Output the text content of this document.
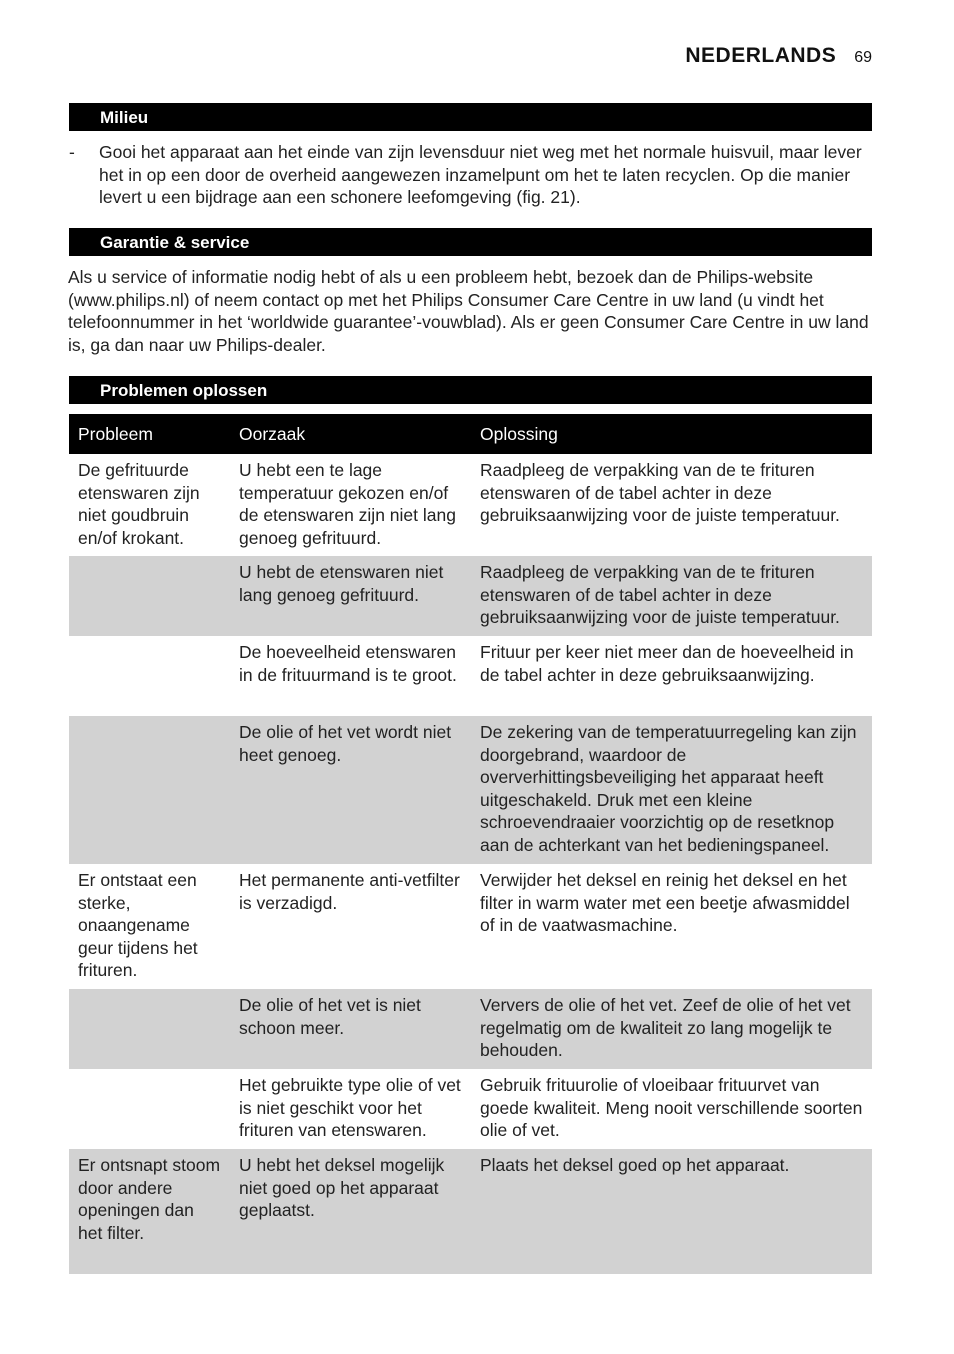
NEDERLANDS 69
Milieu
- Gooi het apparaat aan het einde van zijn levensduur niet weg met het normale huisvuil, maar lever het in op een door de overheid aangewezen inzamelpunt om het te laten recyclen. Op die manier levert u een bijdrage aan een schonere leefomgeving (fig. 21).
Garantie & service
Als u service of informatie nodig hebt of als u een probleem hebt, bezoek dan de Philips-website (www.philips.nl) of neem contact op met het Philips Consumer Care Centre in uw land (u vindt het telefoonnummer in het ‘worldwide guarantee’-vouwblad). Als er geen Consumer Care Centre in uw land is, ga dan naar uw Philips-dealer.
Problemen oplossen
Probleem	Oorzaak	Oplossing
De gefrituurde etenswaren zijn niet goudbruin en/of krokant.	U hebt een te lage temperatuur gekozen en/of de etenswaren zijn niet lang genoeg gefrituurd.	Raadpleeg de verpakking van de te frituren etenswaren of de tabel achter in deze gebruiksaanwijzing voor de juiste temperatuur.
	U hebt de etenswaren niet lang genoeg gefrituurd.	Raadpleeg de verpakking van de te frituren etenswaren of de tabel achter in deze gebruiksaanwijzing voor de juiste temperatuur.
	De hoeveelheid etenswaren in de frituurmand is te groot.	Frituur per keer niet meer dan de hoeveelheid in de tabel achter in deze gebruiksaanwijzing.
	De olie of het vet wordt niet heet genoeg.	De zekering van de temperatuurregeling kan zijn doorgebrand, waardoor de oververhittingsbeveiliging het apparaat heeft uitgeschakeld. Druk met een kleine schroevendraaier voorzichtig op de resetknop aan de achterkant van het bedieningspaneel.
Er ontstaat een sterke, onaangename geur tijdens het frituren.	Het permanente anti-vetfilter is verzadigd.	Verwijder het deksel en reinig het deksel en het filter in warm water met een beetje afwasmiddel of in de vaatwasmachine.
	De olie of het vet is niet schoon meer.	Ververs de olie of het vet. Zeef de olie of het vet regelmatig om de kwaliteit zo lang mogelijk te behouden.
	Het gebruikte type olie of vet is niet geschikt voor het frituren van etenswaren.	Gebruik frituurolie of vloeibaar frituurvet van goede kwaliteit. Meng nooit verschillende soorten olie of vet.
Er ontsnapt stoom door andere openingen dan het filter.	U hebt het deksel mogelijk niet goed op het apparaat geplaatst.	Plaats het deksel goed op het apparaat.
